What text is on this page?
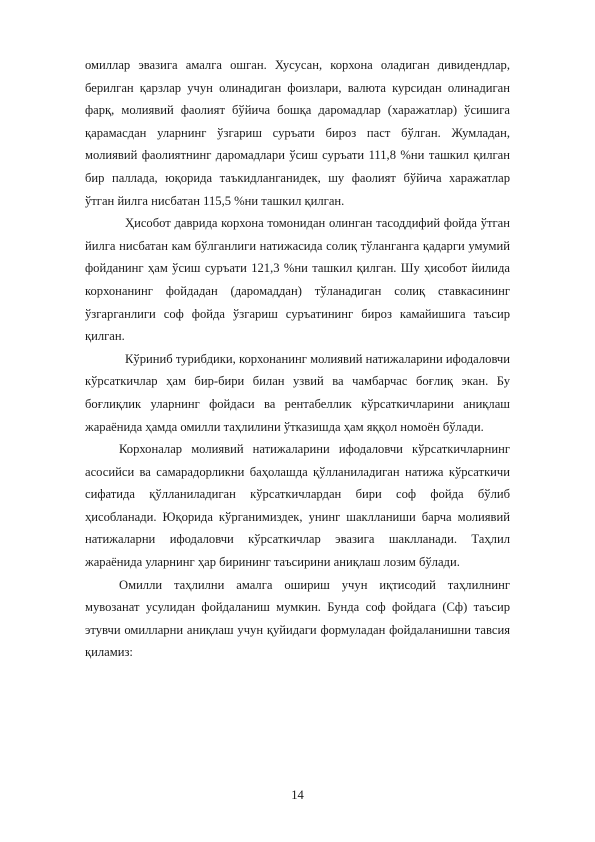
омиллар эвазига амалга ошган. Хусусан, корхона оладиган дивидендлар, берилган қарзлар учун олинадиган фоизлари, валюта курсидан олинадиган фарқ, молиявий фаолият бўйича бошқа даромадлар (харажатлар) ўсишига қарамасдан уларнинг ўзгариш суръати бироз паст бўлган. Жумладан, молиявий фаолиятнинг даромадлари ўсиш суръати 111,8 %ни ташкил қилган бир паллада, юқорида таъкидланганидек, шу фаолият бўйича харажатлар ўтган йилга нисбатан 115,5 %ни ташкил қилган.

Ҳисобот даврида корхона томонидан олинган тасоддифий фойда ўтган йилга нисбатан кам бўлганлиги натижасида солиқ тўланганга қадарги умумий фойданинг ҳам ўсиш суръати 121,3 %ни ташкил қилган. Шу ҳисобот йилида корхонанинг фойдадан (даромаддан) тўланадиган солиқ ставкасининг ўзгарганлиги соф фойда ўзгариш суръатининг бироз камайишига таъсир қилган.

Кўриниб турибдики, корхонанинг молиявий натижаларини ифодаловчи кўрсаткичлар ҳам бир-бири билан узвий ва чамбарчас боғлиқ экан. Бу боғлиқлик уларнинг фойдаси ва рентабеллик кўрсаткичларини аниқлаш жараёнида ҳамда омилли таҳлилини ўтказишда ҳам яққол номоён бўлади.

Корхоналар молиявий натижаларини ифодаловчи кўрсаткичларнинг асосийси ва самарадорликни баҳолашда қўлланиладиган натижа кўрсаткичи сифатида қўлланиладиган кўрсаткичлардан бири соф фойда бўлиб ҳисобланади. Юқорида кўрганимиздек, унинг шаклланиши барча молиявий натижаларни ифодаловчи кўрсаткичлар эвазига шаклланади. Таҳлил жараёнида уларнинг ҳар бирининг таъсирини аниқлаш лозим бўлади.

Омилли таҳлилни амалга ошириш учун иқтисодий таҳлилнинг мувозанат усулидан фойдаланиш мумкин. Бунда соф фойдага (Сф) таъсир этувчи омилларни аниқлаш учун қуйидаги формуладан фойдаланишни тавсия қиламиз:

14
